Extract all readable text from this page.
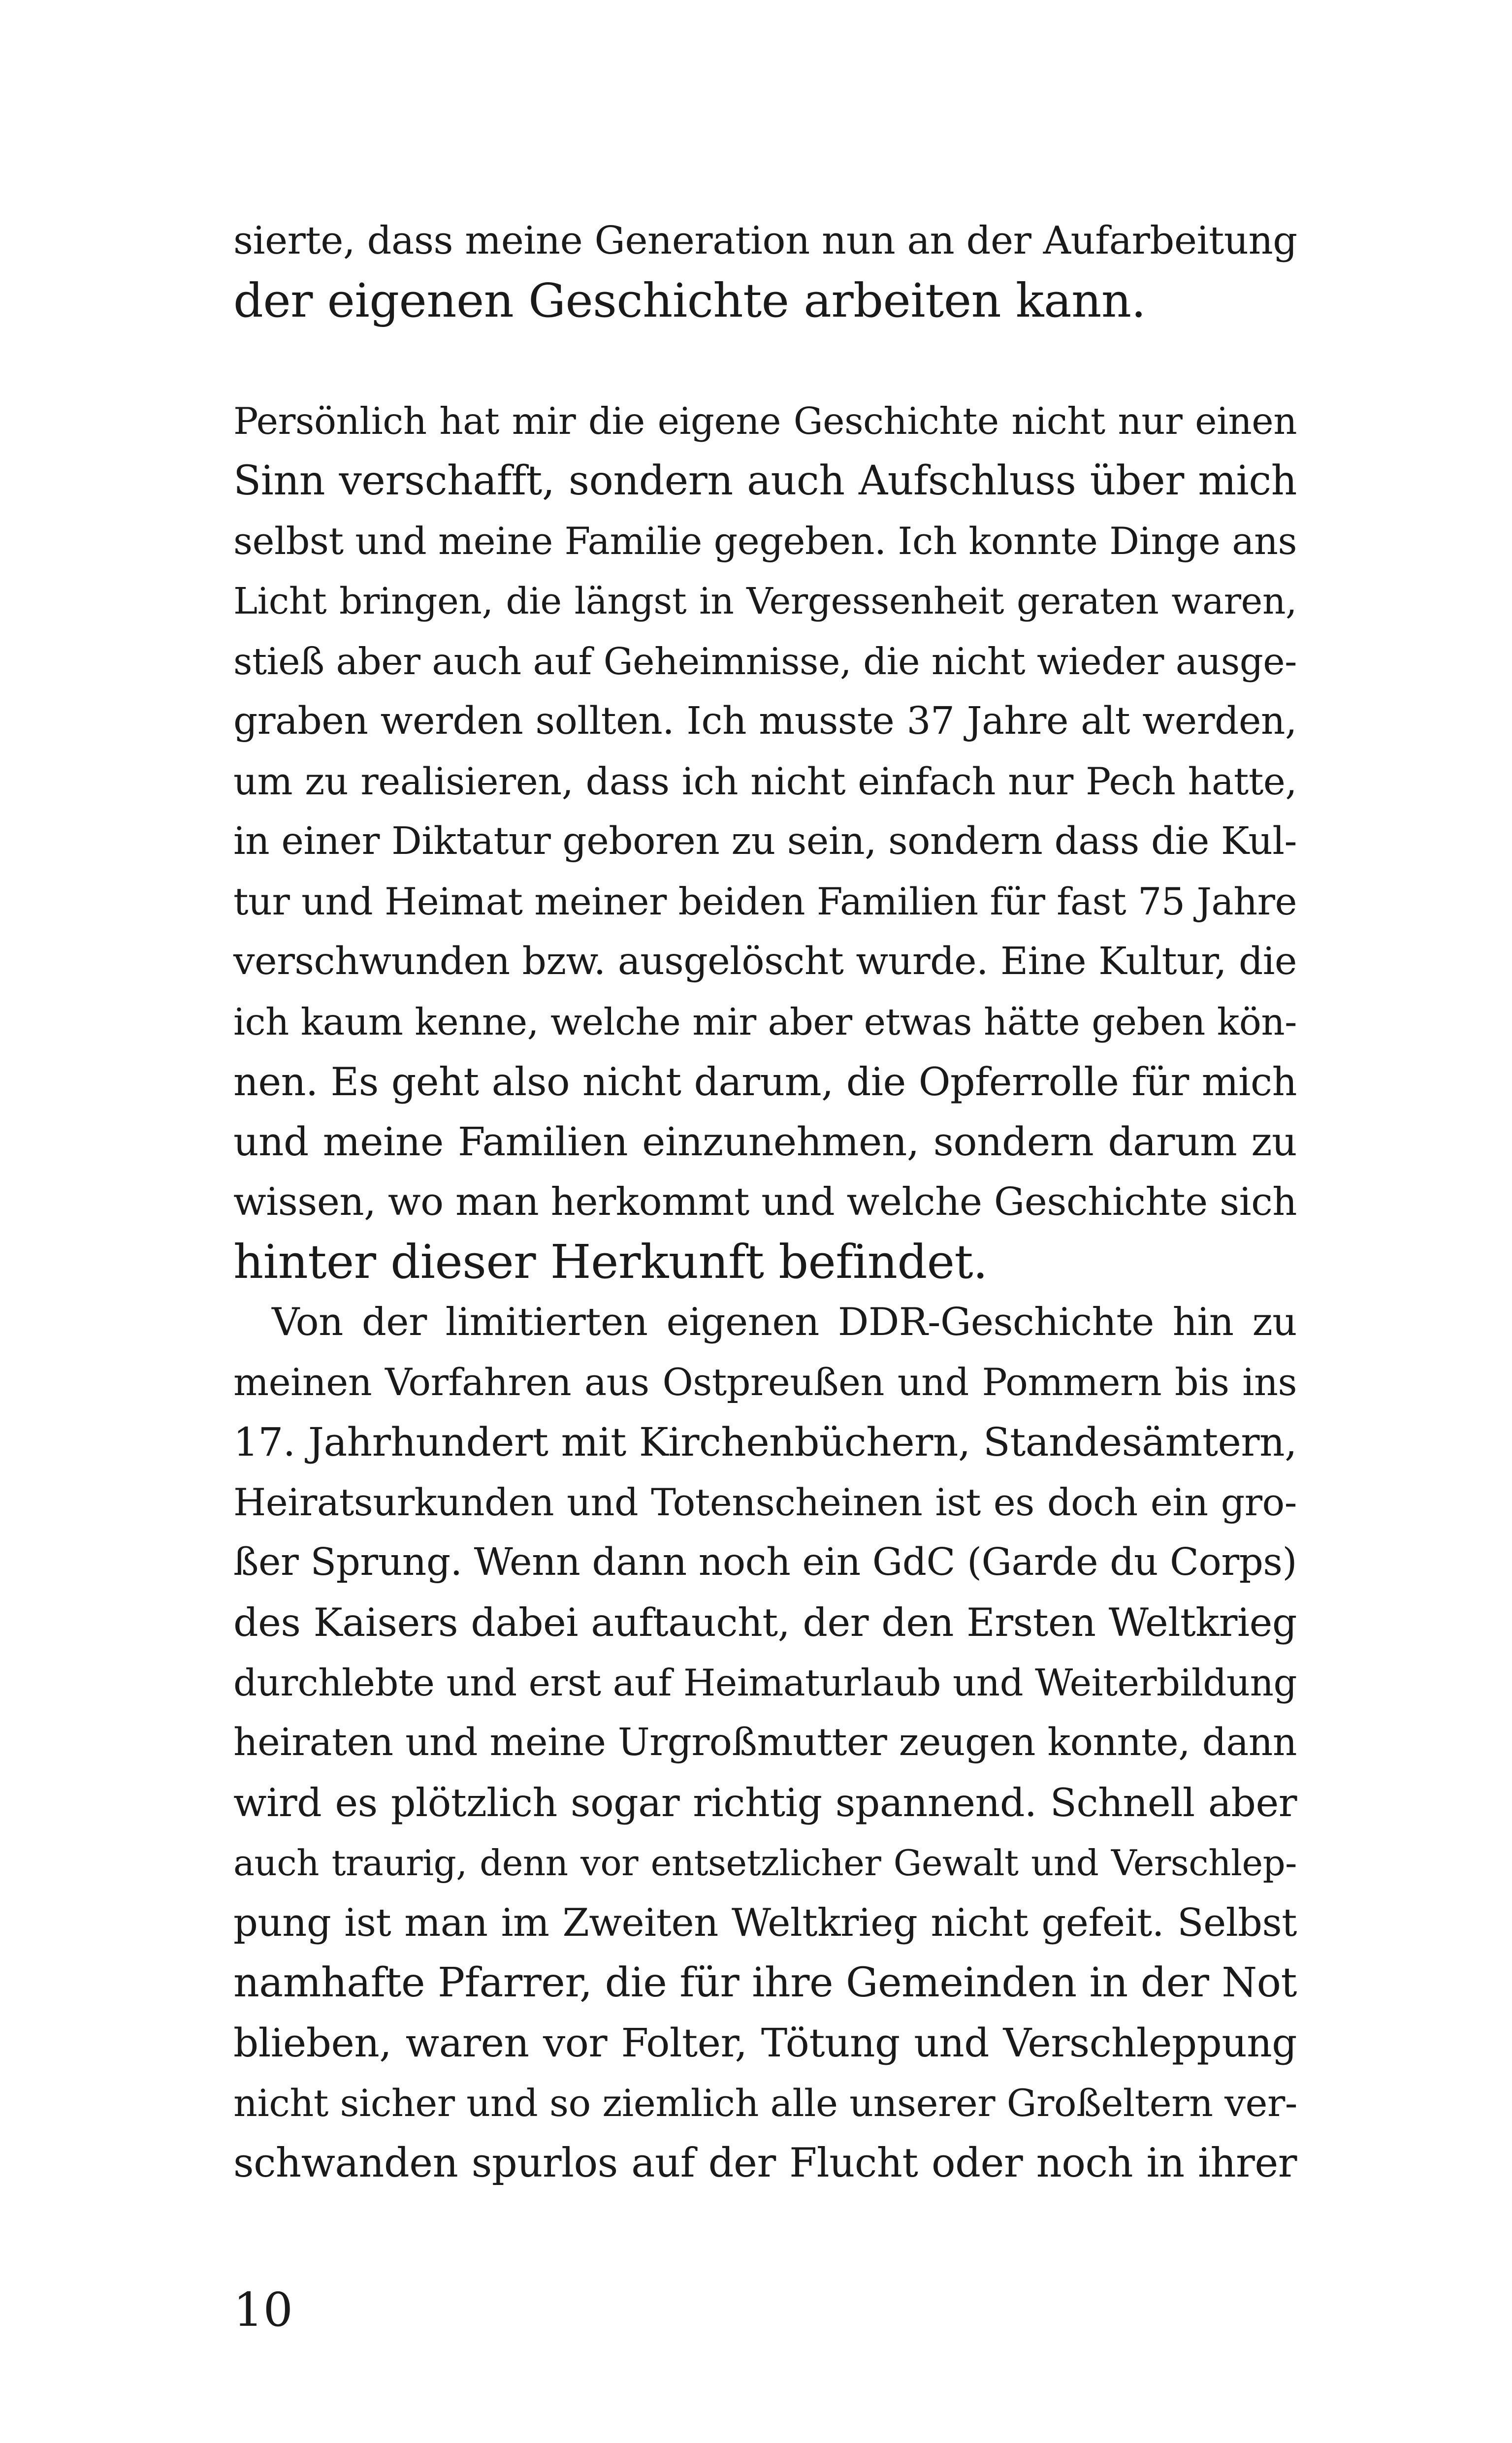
sierte, dass meine Generation nun an der Aufarbeitung
der eigenen Geschichte arbeiten kann.
Persönlich hat mir die eigene Geschichte nicht nur einen
Sinn verschafft, sondern auch Aufschluss über mich
selbst und meine Familie gegeben. Ich konnte Dinge ans
Licht bringen, die längst in Vergessenheit geraten waren,
stieß aber auch auf Geheimnisse, die nicht wieder ausge-
graben werden sollten. Ich musste 37 Jahre alt werden,
um zu realisieren, dass ich nicht einfach nur Pech hatte,
in einer Diktatur geboren zu sein, sondern dass die Kul-
tur und Heimat meiner beiden Familien für fast 75 Jahre
verschwunden bzw. ausgelöscht wurde. Eine Kultur, die
ich kaum kenne, welche mir aber etwas hätte geben kön-
nen. Es geht also nicht darum, die Opferrolle für mich
und meine Familien einzunehmen, sondern darum zu
wissen, wo man herkommt und welche Geschichte sich
hinter dieser Herkunft befindet.
Von der limitierten eigenen DDR-Geschichte hin zu
meinen Vorfahren aus Ostpreußen und Pommern bis ins
17. Jahrhundert mit Kirchenbüchern, Standesämtern,
Heiratsurkunden und Totenscheinen ist es doch ein gro-
ßer Sprung. Wenn dann noch ein GdC (Garde du Corps)
des Kaisers dabei auftaucht, der den Ersten Weltkrieg
durchlebte und erst auf Heimaturlaub und Weiterbildung
heiraten und meine Urgroßmutter zeugen konnte, dann
wird es plötzlich sogar richtig spannend. Schnell aber
auch traurig, denn vor entsetzlicher Gewalt und Verschlep-
pung ist man im Zweiten Weltkrieg nicht gefeit. Selbst
namhafte Pfarrer, die für ihre Gemeinden in der Not
blieben, waren vor Folter, Tötung und Verschleppung
nicht sicher und so ziemlich alle unserer Großeltern ver-
schwanden spurlos auf der Flucht oder noch in ihrer
10
